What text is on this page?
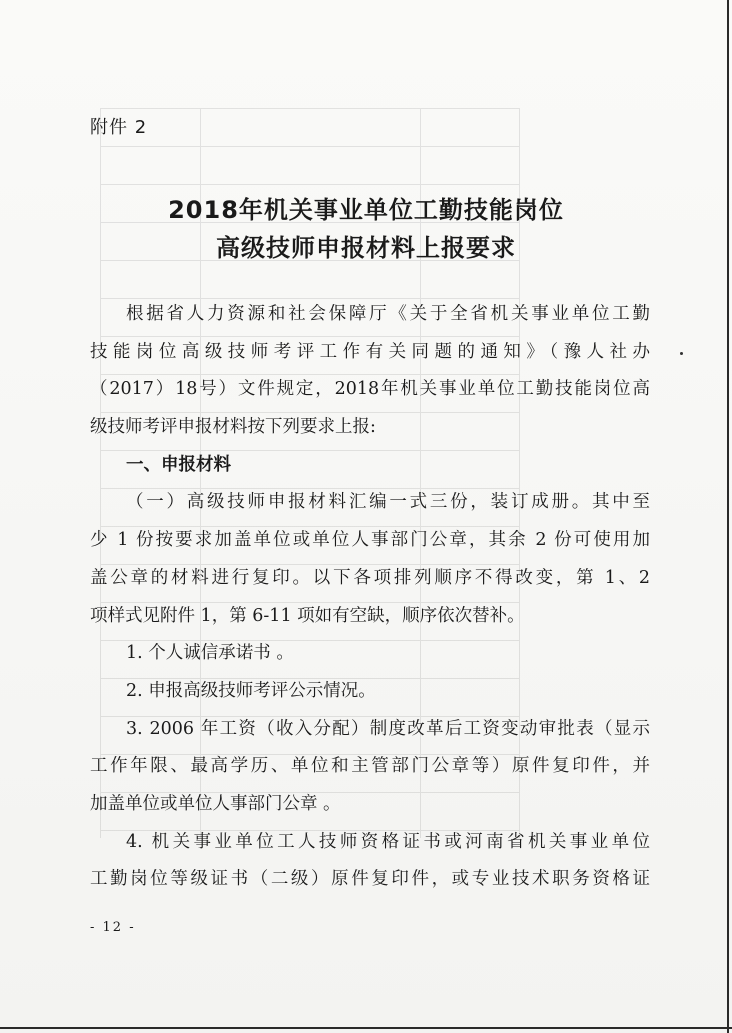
附件 2
2018年机关事业单位工勤技能岗位
高级技师申报材料上报要求
根据省人力资源和社会保障厅《关于全省机关事业单位工勤
技能岗位高级技师考评工作有关同题的通知》（豫人社办
（2017）18号）文件规定，2018年机关事业单位工勤技能岗位高
级技师考评申报材料按下列要求上报:
一、申报材料
（一）高级技师申报材料汇编一式三份，装订成册。其中至
少 1 份按要求加盖单位或单位人事部门公章，其余 2 份可使用加
盖公章的材料进行复印。以下各项排列顺序不得改变，第 1、2
项样式见附件 1，第 6-11 项如有空缺，顺序依次替补。
1. 个人诚信承诺书 。
2. 申报高级技师考评公示情况。
3. 2006 年工资（收入分配）制度改革后工资变动审批表（显示
工作年限、最高学历、单位和主管部门公章等）原件复印件，并
加盖单位或单位人事部门公章 。
4. 机关事业单位工人技师资格证书或河南省机关事业单位
工勤岗位等级证书（二级）原件复印件，或专业技术职务资格证
- 12 -
